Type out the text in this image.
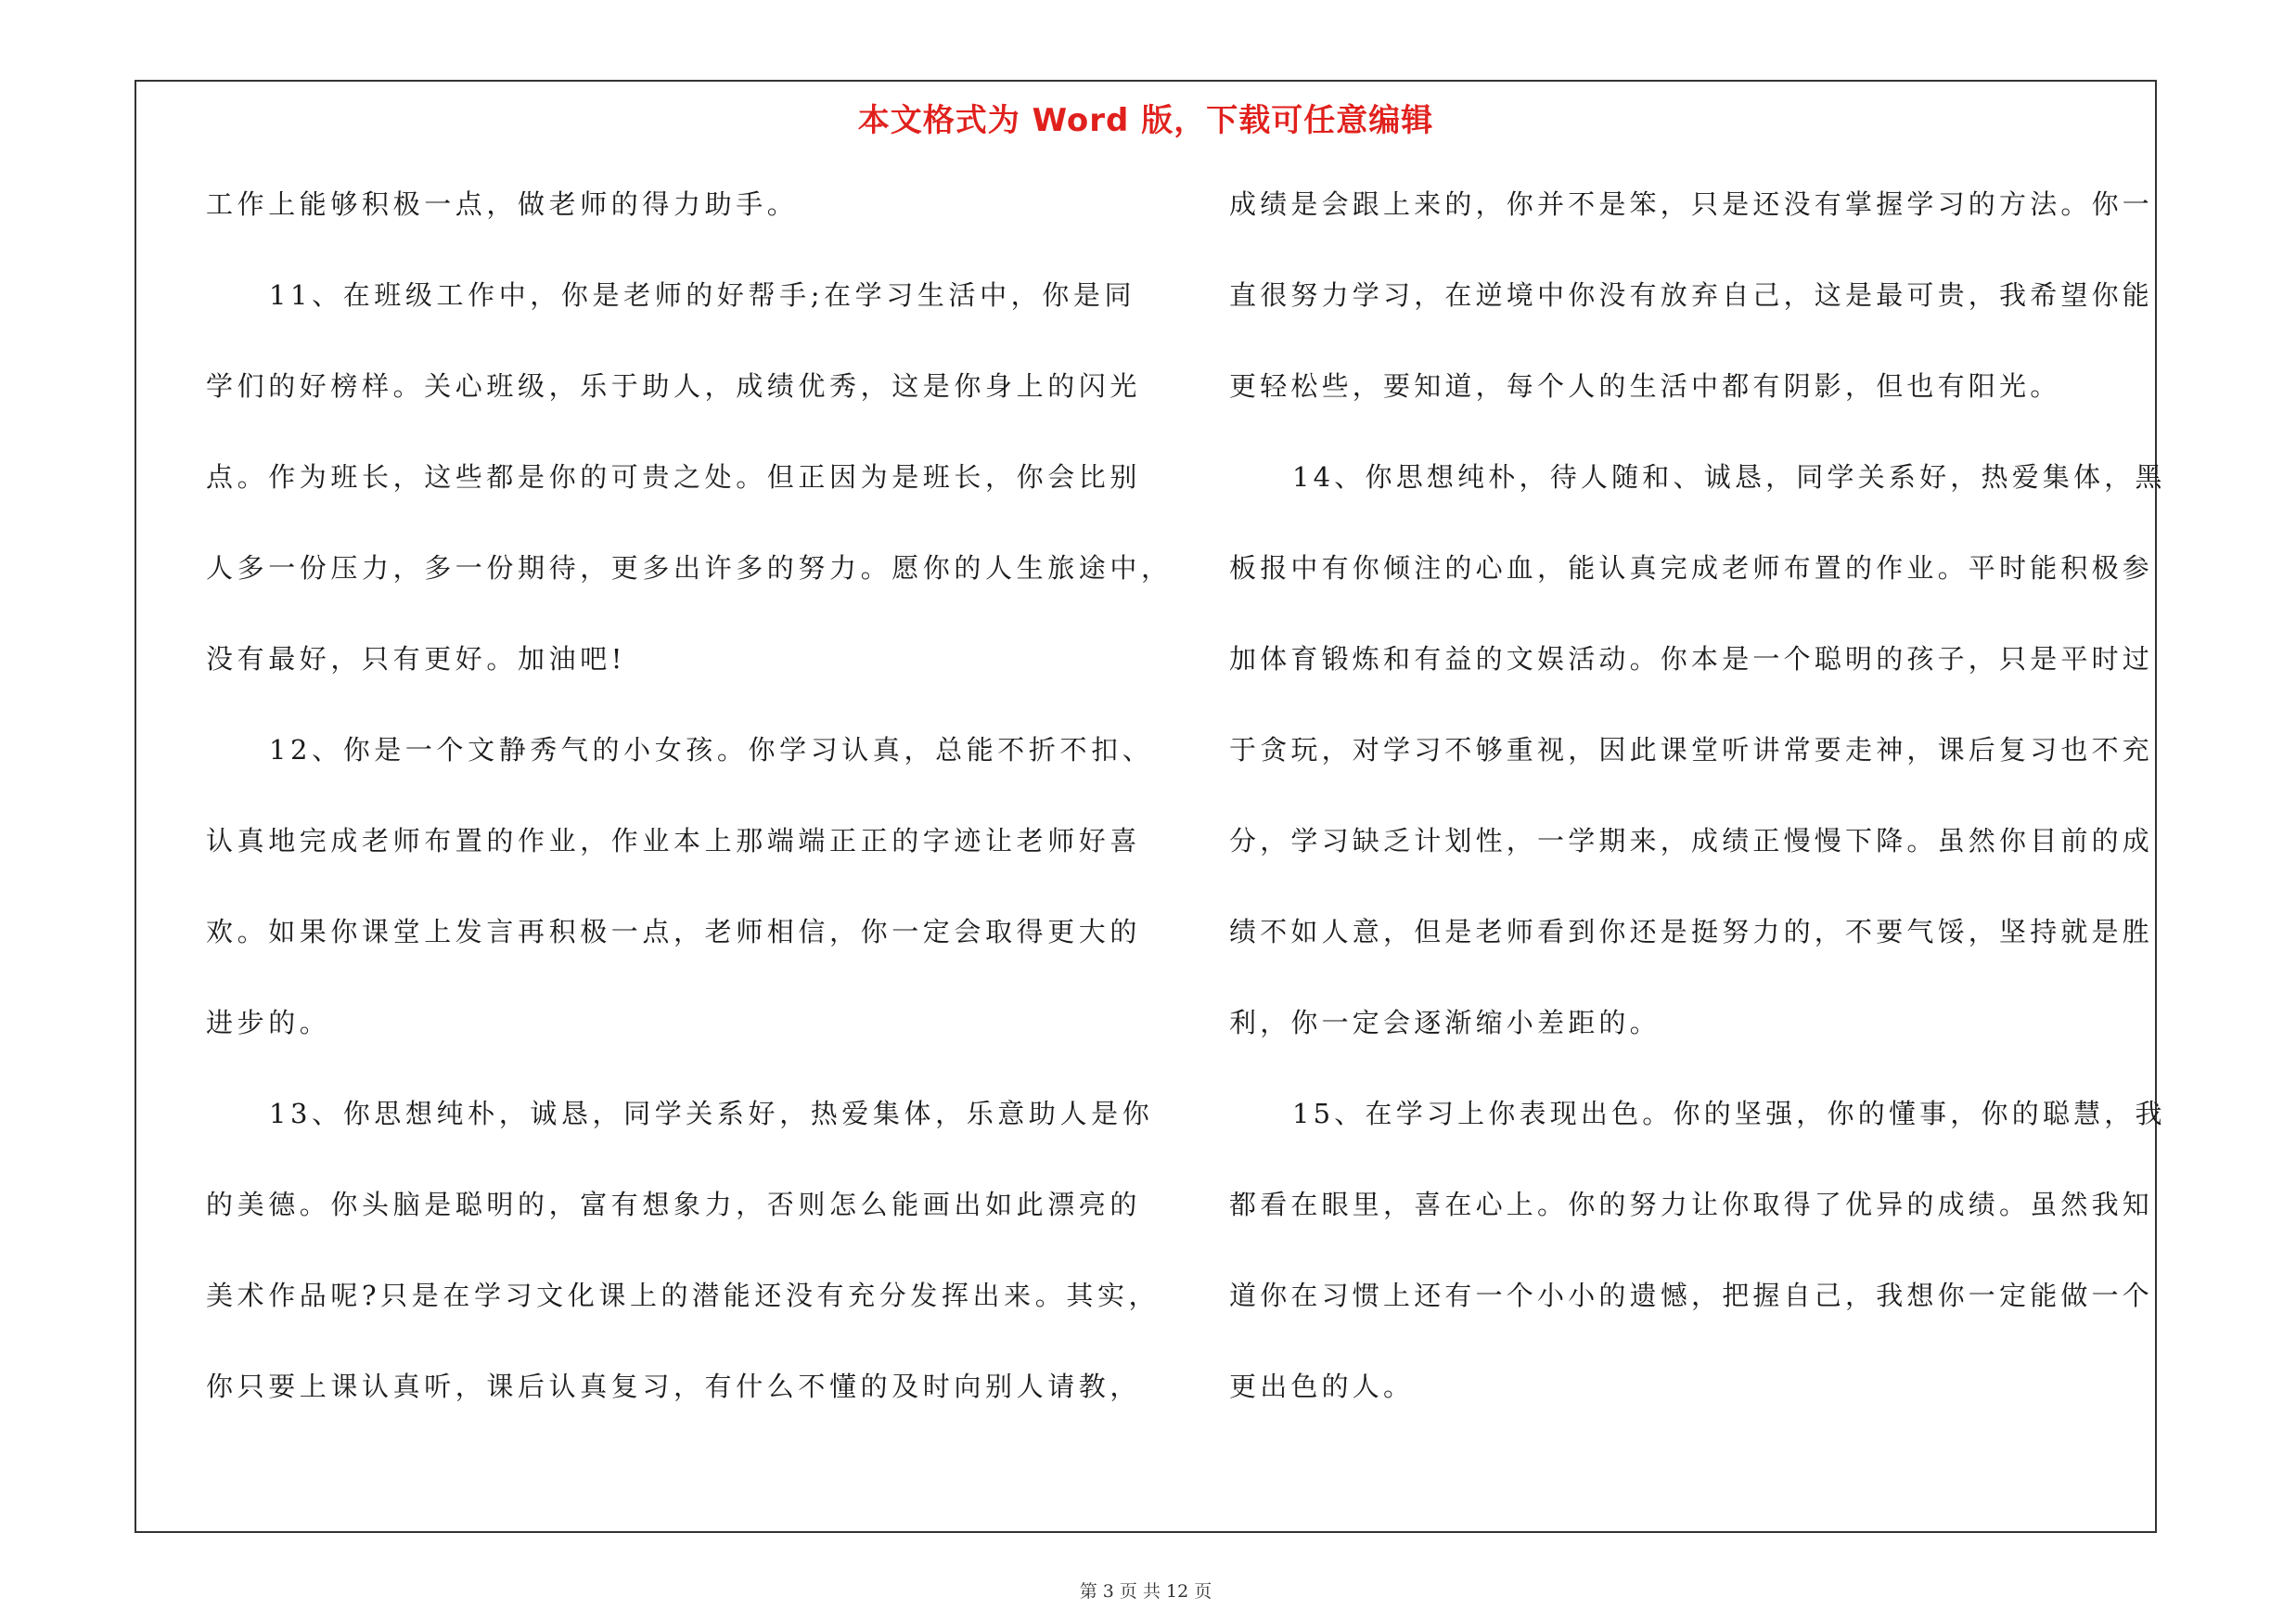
本文格式为 Word 版，下载可任意编辑
第 3 页 共 12 页
工作上能够积极一点，做老师的得力助手。
11、在班级工作中，你是老师的好帮手;在学习生活中，你是同
学们的好榜样。关心班级，乐于助人，成绩优秀，这是你身上的闪光
点。作为班长，这些都是你的可贵之处。但正因为是班长，你会比别
人多一份压力，多一份期待，更多出许多的努力。愿你的人生旅途中，
没有最好，只有更好。加油吧!
12、你是一个文静秀气的小女孩。你学习认真，总能不折不扣、
认真地完成老师布置的作业，作业本上那端端正正的字迹让老师好喜
欢。如果你课堂上发言再积极一点，老师相信，你一定会取得更大的
进步的。
13、你思想纯朴，诚恳，同学关系好，热爱集体，乐意助人是你
的美德。你头脑是聪明的，富有想象力，否则怎么能画出如此漂亮的
美术作品呢?只是在学习文化课上的潜能还没有充分发挥出来。其实，
你只要上课认真听，课后认真复习，有什么不懂的及时向别人请教，
成绩是会跟上来的，你并不是笨，只是还没有掌握学习的方法。你一
直很努力学习，在逆境中你没有放弃自己，这是最可贵，我希望你能
更轻松些，要知道，每个人的生活中都有阴影，但也有阳光。
14、你思想纯朴，待人随和、诚恳，同学关系好，热爱集体，黑
板报中有你倾注的心血，能认真完成老师布置的作业。平时能积极参
加体育锻炼和有益的文娱活动。你本是一个聪明的孩子，只是平时过
于贪玩，对学习不够重视，因此课堂听讲常要走神，课后复习也不充
分，学习缺乏计划性，一学期来，成绩正慢慢下降。虽然你目前的成
绩不如人意，但是老师看到你还是挺努力的，不要气馁，坚持就是胜
利，你一定会逐渐缩小差距的。
15、在学习上你表现出色。你的坚强，你的懂事，你的聪慧，我
都看在眼里，喜在心上。你的努力让你取得了优异的成绩。虽然我知
道你在习惯上还有一个小小的遗憾，把握自己，我想你一定能做一个
更出色的人。
